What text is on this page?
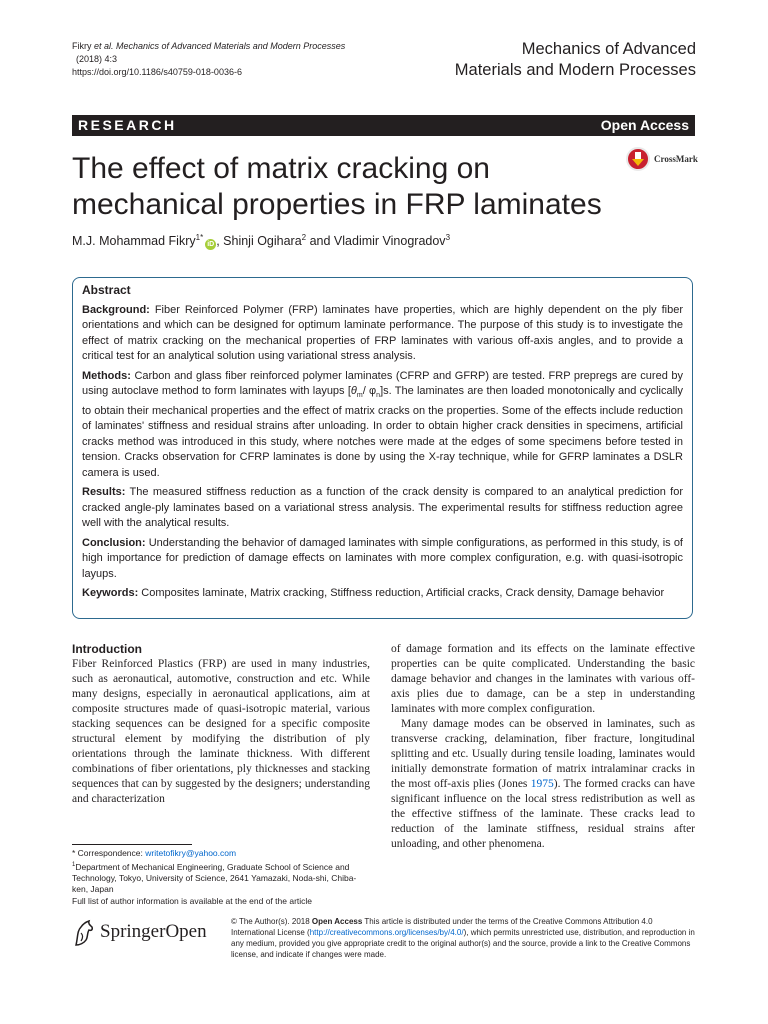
Fikry et al. Mechanics of Advanced Materials and Modern Processes
(2018) 4:3
https://doi.org/10.1186/s40759-018-0036-6
Mechanics of Advanced
Materials and Modern Processes
RESEARCH	Open Access
The effect of matrix cracking on mechanical properties in FRP laminates
CrossMark
M.J. Mohammad Fikry$^{1*}$iD , Shinji Ogihara$^2$ and Vladimir Vinogradov$^3$
Abstract

Background: Fiber Reinforced Polymer (FRP) laminates have properties, which are highly dependent on the ply fiber orientations and which can be designed for optimum laminate performance. The purpose of this study is to investigate the effect of matrix cracking on the mechanical properties of FRP laminates with various off-axis angles, and to provide a critical test for an analytical solution using variational stress analysis.

Methods: Carbon and glass fiber reinforced polymer laminates (CFRP and GFRP) are tested. FRP prepregs are cured by using autoclave method to form laminates with layups [$\theta_m/$ $\varphi_n]s$. The laminates are then loaded monotonically and cyclically to obtain their mechanical properties and the effect of matrix cracks on the properties. Some of the effects include reduction of laminates' stiffness and residual strains after unloading. In order to obtain higher crack densities in specimens, artificial cracks method was introduced in this study, where notches were made at the edges of some specimens before tested in tension. Cracks observation for CFRP laminates is done by using the X-ray technique, while for GFRP laminates a DSLR camera is used.

Results: The measured stiffness reduction as a function of the crack density is compared to an analytical prediction for cracked angle-ply laminates based on a variational stress analysis. The experimental results for stiffness reduction agree well with the analytical results.

Conclusion: Understanding the behavior of damaged laminates with simple configurations, as performed in this study, is of high importance for prediction of damage effects on laminates with more complex configuration, e.g. with quasi-isotropic layups.

Keywords: Composites laminate, Matrix cracking, Stiffness reduction, Artificial cracks, Crack density, Damage behavior

Introduction

Fiber Reinforced Plastics (FRP) are used in many industries, such as aeronautical, automotive, construction and etc. While many designs, especially in aeronautical applications, aim at composite structures made of quasi-isotropic material, various stacking sequences can be designed for a specific composite structural element by modifying the distribution of ply orientations through the laminate thickness. With different combinations of fiber orientations, ply thicknesses and stacking sequences that can by suggested by the designers; understanding and characterization

of damage formation and its effects on the laminate effective properties can be quite complicated. Understanding the basic damage behavior and changes in the laminates with various off-axis plies due to damage, can be a step in understanding laminates with more complex configuration.

Many damage modes can be observed in laminates, such as transverse cracking, delamination, fiber fracture, longitudinal splitting and etc. Usually during tensile loading, laminates would initially demonstrate formation of matrix intralaminar cracks in the most off-axis plies (Jones 1975). The formed cracks can have significant influence on the local stress redistribution as well as the effective stiffness of the laminate. These cracks lead to reduction of the laminate stiffness, residual strains after unloading, and other phenomena.

* Correspondence: writetofikry@yahoo.com

$^1$Department of Mechanical Engineering, Graduate School of Science and Technology, Tokyo, University of Science, 2641 Yamazaki, Noda-shi, Chiba-ken, Japan

Full list of author information is available at the end of the article

SpringerOpen	© The Author(s). 2018 Open Access This article is distributed under the terms of the Creative Commons Attribution 4.0 International License (http://creativecommons.org/licenses/by/4.0/), which permits unrestricted use, distribution, and reproduction in any medium, provided you give appropriate credit to the original author(s) and the source, provide a link to the Creative Commons license, and indicate if changes were made.
